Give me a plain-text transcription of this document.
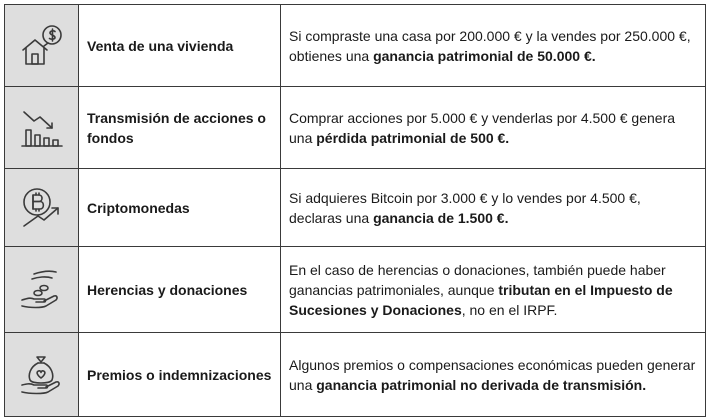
Venta de una vivienda

Si compraste una casa por 200.000 € y la vendes por 250.000 €, obtienes una ganancia patrimonial de 50.000 €.

Transmisión de acciones o fondos

Comprar acciones por 5.000 € y venderlas por 4.500 € genera una pérdida patrimonial de 500 €.

Criptomonedas

Si adquieres Bitcoin por 3.000 € y lo vendes por 4.500 €, declaras una ganancia de 1.500 €.

Herencias y donaciones

En el caso de herencias o donaciones, también puede haber ganancias patrimoniales, aunque tributan en el Impuesto de Sucesiones y Donaciones, no en el IRPF.

Premios o indemnizaciones

Algunos premios o compensaciones económicas pueden generar una ganancia patrimonial no derivada de transmisión.
